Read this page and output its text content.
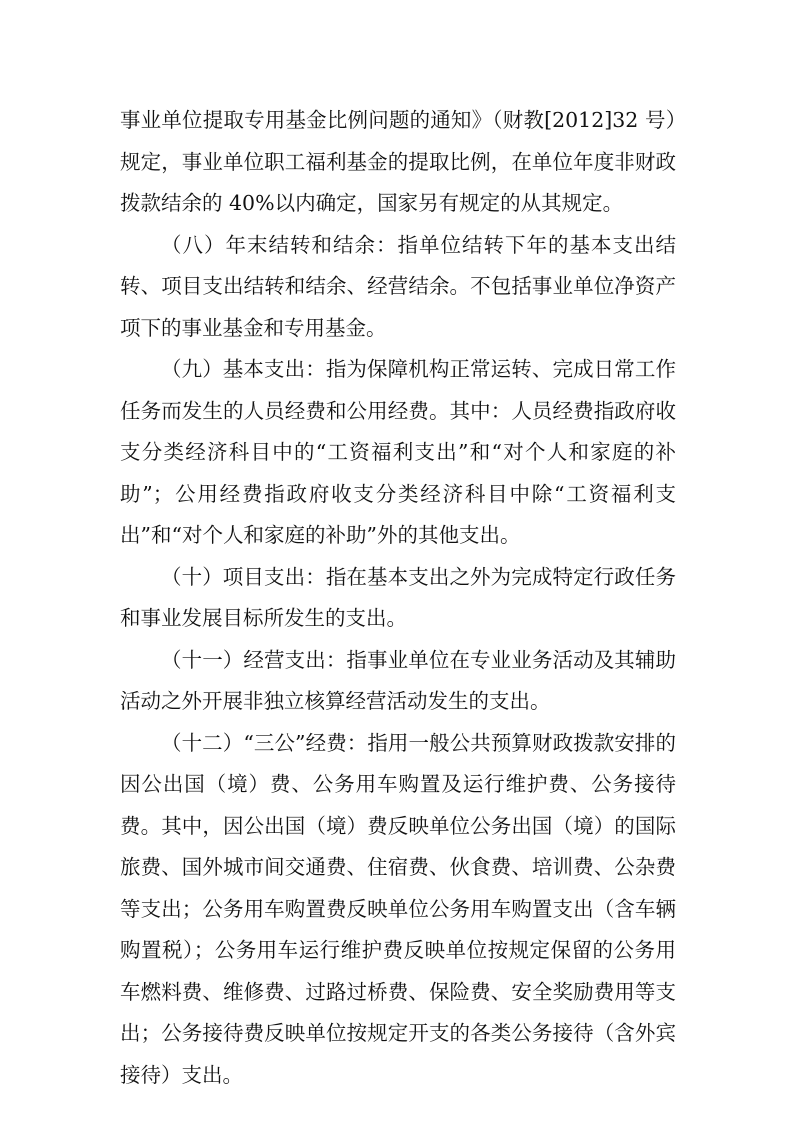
事业单位提取专用基金比例问题的通知》（财教[2012]32 号）规定，事业单位职工福利基金的提取比例，在单位年度非财政拨款结余的 40%以内确定，国家另有规定的从其规定。

（八）年末结转和结余：指单位结转下年的基本支出结转、项目支出结转和结余、经营结余。不包括事业单位净资产项下的事业基金和专用基金。

（九）基本支出：指为保障机构正常运转、完成日常工作任务而发生的人员经费和公用经费。其中：人员经费指政府收支分类经济科目中的“工资福利支出”和“对个人和家庭的补助”；公用经费指政府收支分类经济科目中除“工资福利支出”和“对个人和家庭的补助”外的其他支出。

（十）项目支出：指在基本支出之外为完成特定行政任务和事业发展目标所发生的支出。

（十一）经营支出：指事业单位在专业业务活动及其辅助活动之外开展非独立核算经营活动发生的支出。

（十二）“三公”经费：指用一般公共预算财政拨款安排的因公出国（境）费、公务用车购置及运行维护费、公务接待费。其中，因公出国（境）费反映单位公务出国（境）的国际旅费、国外城市间交通费、住宿费、伙食费、培训费、公杂费等支出；公务用车购置费反映单位公务用车购置支出（含车辆购置税）；公务用车运行维护费反映单位按规定保留的公务用车燃料费、维修费、过路过桥费、保险费、安全奖励费用等支出；公务接待费反映单位按规定开支的各类公务接待（含外宾接待）支出。
